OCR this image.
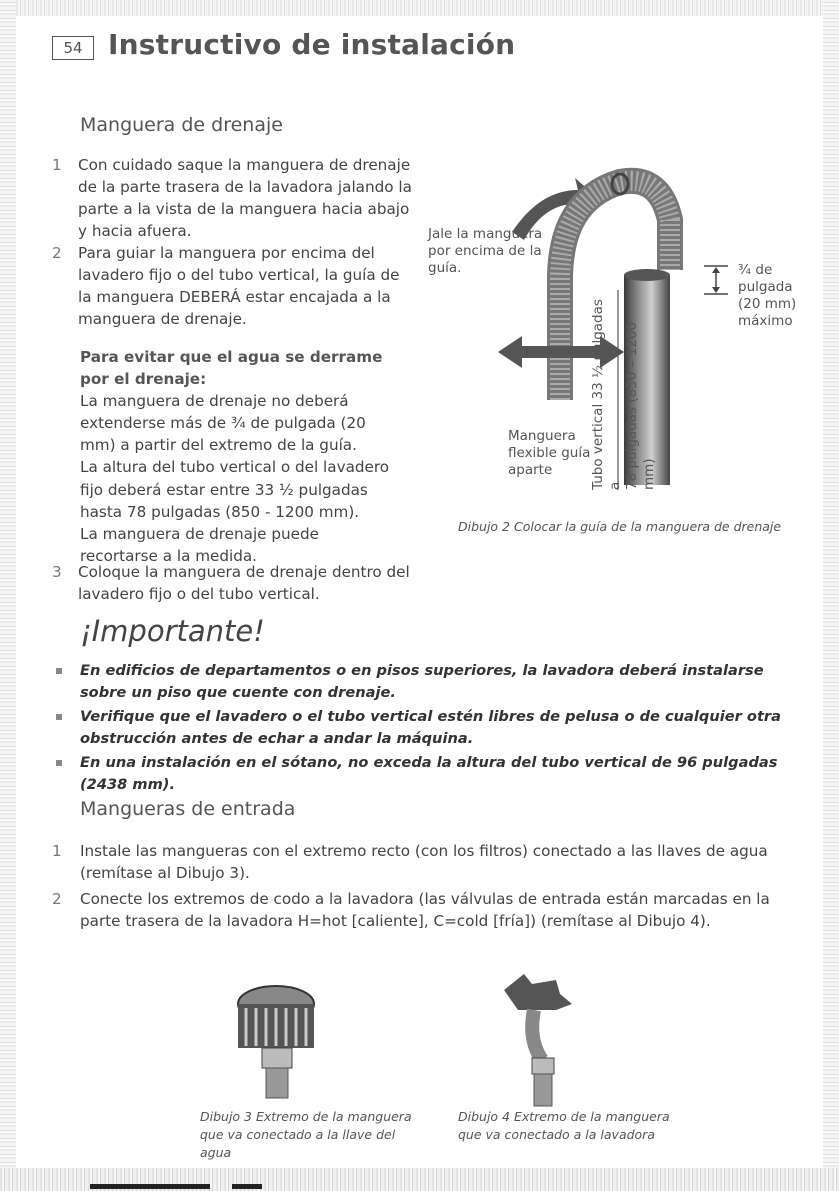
54 Instructivo de instalación
Manguera de drenaje
1	Con cuidado saque la manguera de drenaje de la parte trasera de la lavadora jalando la parte a la vista de la manguera hacia abajo y hacia afuera.
2	Para guiar la manguera por encima del lavadero fijo o del tubo vertical, la guía de la manguera DEBERÁ estar encajada a la manguera de drenaje.
Para evitar que el agua se derrame por el drenaje:
La manguera de drenaje no deberá extenderse más de ¾ de pulgada (20 mm) a partir del extremo de la guía.
La altura del tubo vertical o del lavadero fijo deberá estar entre 33 ½ pulgadas hasta 78 pulgadas (850 - 1200 mm).
La manguera de drenaje puede recortarse a la medida.
3	Coloque la manguera de drenaje dentro del lavadero fijo o del tubo vertical.
Jale la manguera por encima de la guía.
Manguera flexible guía aparte
¾ de pulgada (20 mm) máximo
Tubo vertical 33 ½ pulgadas a 78 pulgadas (850 – 1200 mm)
Dibujo 2 Colocar la guía de la manguera de drenaje
¡Importante!
En edificios de departamentos o en pisos superiores, la lavadora deberá instalarse sobre un piso que cuente con drenaje.
Verifique que el lavadero o el tubo vertical estén libres de pelusa o de cualquier otra obstrucción antes de echar a andar la máquina.
En una instalación en el sótano, no exceda la altura del tubo vertical de 96 pulgadas (2438 mm).
Mangueras de entrada
1	Instale las mangueras con el extremo recto (con los filtros) conectado a las llaves de agua (remítase al Dibujo 3).
2	Conecte los extremos de codo a la lavadora (las válvulas de entrada están marcadas en la parte trasera de la lavadora H=hot [caliente], C=cold [fría]) (remítase al Dibujo 4).
Dibujo 3 Extremo de la manguera
que va conectado a la llave del agua
Dibujo 4 Extremo de la manguera
que va conectado a la lavadora
